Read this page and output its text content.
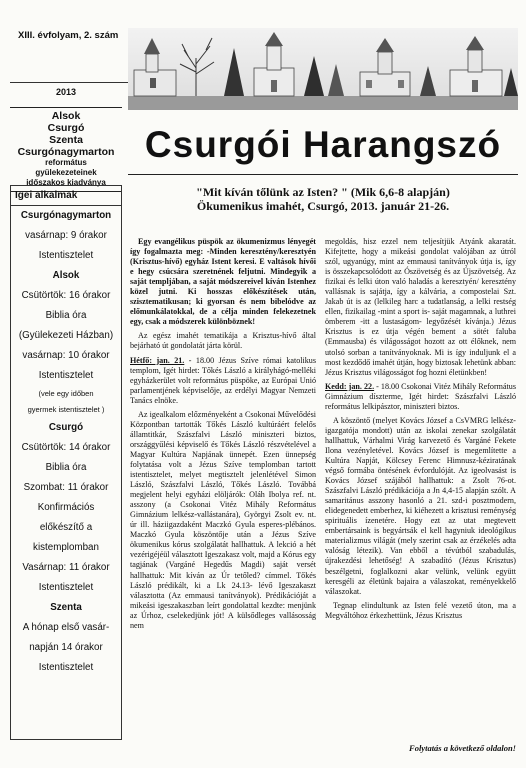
XIII. évfolyam, 2. szám
2013
Alsok
Csurgó
Szenta
Csurgónagymarton
református
gyülekezeteinek
időszakos kiadványa
Csurgói Harangszó
Igei alkalmak
Csurgónagymarton
vasárnap: 9 órakor
Istentisztelet
Alsok
Csütörtök: 16 órakor
Biblia óra
(Gyülekezeti Házban)
vasárnap: 10 órakor
Istentisztelet
(vele egy időben
gyermek istentisztelet )
Csurgó
Csütörtök: 14 órakor
Biblia óra
Szombat: 11 órakor
Konfirmációs
előkészítő a
kistemplomban
Vasárnap: 11 órakor
Istentisztelet
Szenta
A hónap első vasár-
napján 14 órakor
Istentisztelet
"Mit kíván tőlünk az Isten? " (Mik 6,6-8 alapján)
Ökumenikus imahét, Csurgó, 2013. január 21-26.

Egy evangélikus püspök az ökumenizmus lényegét így fogalmazta meg: -Minden keresztény/keresztyén (Krisztus-hívő) egyház Istent keresi. E valtások hívői e hegy csúcsára szeretnének feljutni. Mindegyik a saját templjában, a saját módszereivel kíván Istenhez közel jutni. Ki hosszas előkészítések után, szisztematikusan; ki gyorsan és nem bibelódve az előmunkálatokkal, de a célja minden felekezetnek egy, csak a módszerek különböznek!

Az egész imahét tematikája a Krisztus-hívő által bejárható út gondolatát járta körül.

Hétfő: jan. 21. - 18.00 Jézus Szíve római katolikus templom, Igét hirdet: Tőkés László a királyhágó-melléki egyházkerület volt református püspöke, az Európai Unió parlamentjének képviselője, az erdélyi Magyar Nemzeti Tanács elnöke.

Az igealkalom előzményeként a Csokonai Művelődési Központban tartották Tőkés László kultúráért felelős államtitkár, Szászfalvi László miniszteri biztos, országgyűlési képviselő és Tőkés László részvételével a Magyar Kultúra Napjának ünnepét. Ezen ünnepség folytatása volt a Jézus Szíve templomban tartott istentisztelet, melyet megtisztelt jelenlétével Simon László, Szászfalvi László, Tőkés László. Továbbá megjelent helyi egyházi elöljárók: Oláh Ibolya ref. nt. asszony (a Csokonai Vitéz Mihály Református Gimnázium lelkész-vallástanára), Györgyi Zsolt ev. nt. úr ill. háziigazdaként Maczkó Gyula esperes-plébános. Maczkó Gyula köszöntője után a Jézus Szíve ökumenikus kórus szolgálatát hallhattuk. A lekció a hét vezérigéjéül választott Igeszakasz volt, majd a Kórus egy tagjának (Vargáné Hegedűs Magdi) saját versét hallhattuk: Mit kíván az Úr tetőled? címmel. Tőkés László prédikált, ki a Lk 24.13- lévő Igeszakaszt választotta (Az emmausi tanítványok). Prédikációját a mikeási igeszakaszban leírt gondolattal kezdte: menjünk az Úrhoz, cselekedjünk jót! A külsődleges vallásosság nem

megoldás, hisz ezzel nem teljesítjük Atyánk akaratát. Kifejtette, hogy a mikeási gondolat valójában az útról szól, ugyanúgy, mint az emmausi tanítványok útja is, így is összekapcsolódott az Ószövetség és az Újszövetség. Az fizikai és lelki úton való haladás a keresztyén/ keresztény vallásnak is sajátja, így a kálvária, a compostelai Szt. Jakab út is az (lelkileg harc a tudatlanság, a lelki restség ellen, fizikailag -mint a sport is- saját magamnak, a luthrei ömberem -itt a lustaságom- legyőzését kívánja.) Jézus Krisztus is ez útja végén bement a sötét faluba (Emmausba) és világosságot hozott az ott élőknek, nem utolsó sorban a tanítványoknak. Mi is így induljunk el a most kezdődő imahét útján, hogy biztosak lehetünk abban: Jézus Krisztus világosságot fog hozni életünkben!

Kedd: jan. 22. - 18.00 Csokonai Vitéz Mihály Református Gimnázium díszterme, Igét hirdet: Szászfalvi László református lelkipásztor, miniszteri biztos.

A köszöntő (melyet Kovács József a CsVMRG lelkész-igazgatója mondott) után az iskolai zenekar szolgálatát hallhattuk, Várhalmi Virág karvezető és Vargáné Fekete Ilona vezényletével. Kovács József is megemlítette a Kultúra Napját, Kölcsey Ferenc Himnusz-kéziratának végső formába öntésének évfordulóját. Az igeolvasást is Kovács József szájából hallhattuk: a Zsolt 76-ot. Szászfalvi László prédikációja a Jn 4,4-15 alapján szólt. A samaritánus asszony hasonló a 21. szd-i posztmodern, elidegenedett emberhez, ki kiéhezett a krisztusi reménység spirituális ízenetére. Hogy ezt az utat megtevett embertársaink is begyártsák el kell hagyniuk ideológikus materializmus világát (mely szerint csak az érzékelés adta valóság létezik). Van ebből a tévútból szabadulás, újrakezdési lehetőség! A szabadító (Jézus Krisztus) beszélgetni, foglalkozni akar velünk, velünk együtt keresgéli az életünk bajaira a válaszokat, reményekkelő válaszokat.

Tegnap elindultunk az Isten felé vezető úton, ma a Megváltóhoz érkezhettünk, Jézus Krisztus

Folytatás a következő oldalon!
